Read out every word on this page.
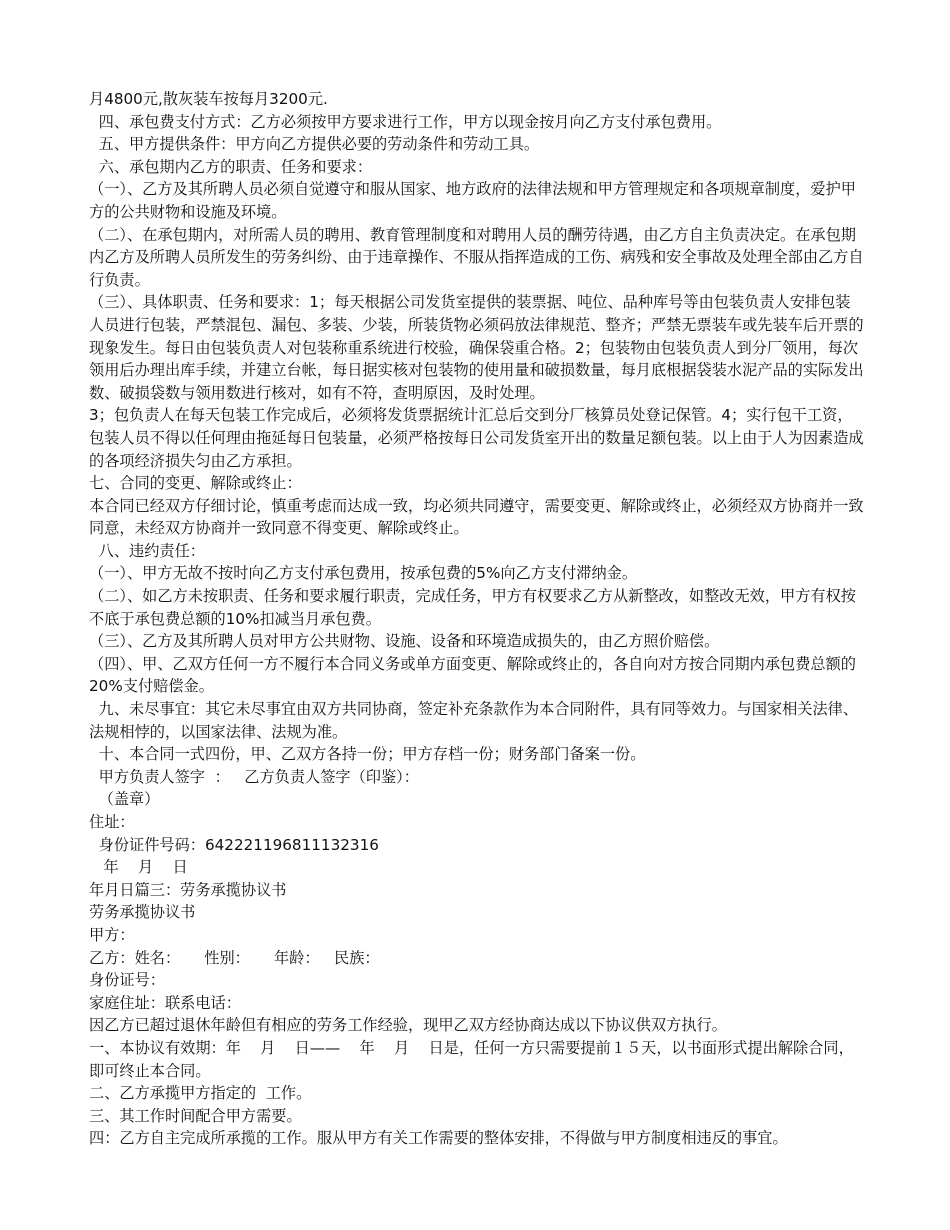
月4800元,散灰装车按每月3200元.

四、承包费支付方式：乙方必须按甲方要求进行工作，甲方以现金按月向乙方支付承包费用。

五、甲方提供条件：甲方向乙方提供必要的劳动条件和劳动工具。

六、承包期内乙方的职责、任务和要求：

（一）、乙方及其所聘人员必须自觉遵守和服从国家、地方政府的法律法规和甲方管理规定和各项规章制度，爱护甲方的公共财物和设施及环境。

（二）、在承包期内，对所需人员的聘用、教育管理制度和对聘用人员的酬劳待遇，由乙方自主负责决定。在承包期内乙方及所聘人员所发生的劳务纠纷、由于违章操作、不服从指挥造成的工伤、病残和安全事故及处理全部由乙方自行负责。

（三）、具体职责、任务和要求：1；每天根据公司发货室提供的装票据、吨位、品种库号等由包装负责人安排包装人员进行包装，严禁混包、漏包、多装、少装，所装货物必须码放法律规范、整齐；严禁无票装车或先装车后开票的现象发生。每日由包装负责人对包装称重系统进行校验，确保袋重合格。2；包装物由包装负责人到分厂领用，每次领用后办理出库手续，并建立台帐，每日据实核对包装物的使用量和破损数量，每月底根据袋装水泥产品的实际发出数、破损袋数与领用数进行核对，如有不符，查明原因，及时处理。

3；包负责人在每天包装工作完成后，必须将发货票据统计汇总后交到分厂核算员处登记保管。4；实行包干工资，包装人员不得以任何理由拖延每日包装量，必须严格按每日公司发货室开出的数量足额包装。以上由于人为因素造成的各项经济损失匀由乙方承担。

七、合同的变更、解除或终止：

本合同已经双方仔细讨论，慎重考虑而达成一致，均必须共同遵守，需要变更、解除或终止，必须经双方协商并一致同意，未经双方协商并一致同意不得变更、解除或终止。

八、违约责任：

（一）、甲方无故不按时向乙方支付承包费用，按承包费的5%向乙方支付滞纳金。

（二）、如乙方未按职责、任务和要求履行职责，完成任务，甲方有权要求乙方从新整改，如整改无效，甲方有权按不底于承包费总额的10%扣减当月承包费。

（三）、乙方及其所聘人员对甲方公共财物、设施、设备和环境造成损失的，由乙方照价赔偿。

（四）、甲、乙双方任何一方不履行本合同义务或单方面变更、解除或终止的，各自向对方按合同期内承包费总额的20%支付赔偿金。

九、未尽事宜：其它未尽事宜由双方共同协商，签定补充条款作为本合同附件，具有同等效力。与国家相关法律、法规相悖的，以国家法律、法规为准。

十、本合同一式四份，甲、乙双方各持一份；甲方存档一份；财务部门备案一份。

甲方负责人签字  ：   乙方负责人签字（印鉴）：

（盖章）

住址：

身份证件号码：642221196811132316

年    月    日

年月日篇三：劳务承揽协议书

劳务承揽协议书

甲方：

乙方：姓名：     性别：     年龄：   民族：

身份证号：

家庭住址：联系电话：

因乙方已超过退休年龄但有相应的劳务工作经验，现甲乙双方经协商达成以下协议供双方执行。

一、本协议有效期：年    月    日——    年    月    日是，任何一方只需要提前１５天，以书面形式提出解除合同，即可终止本合同。

二、乙方承揽甲方指定的  工作。

三、其工作时间配合甲方需要。

四：乙方自主完成所承揽的工作。服从甲方有关工作需要的整体安排，不得做与甲方制度相违反的事宜。
